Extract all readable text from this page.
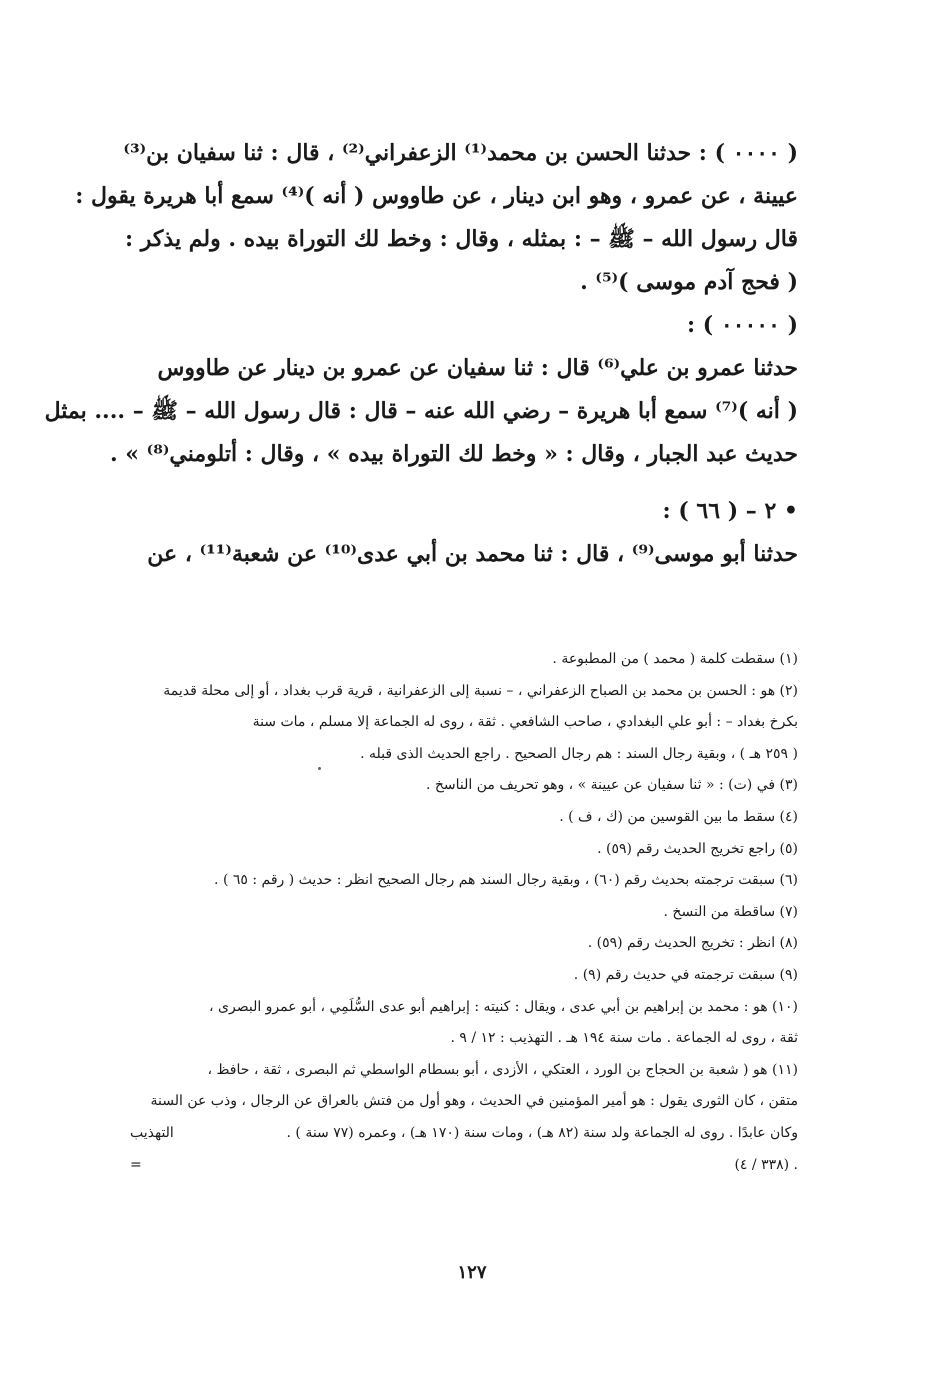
( ٠٠٠٠ ) : حدثنا الحسن بن محمد⁽¹⁾ الزعفراني⁽²⁾ ، قال : ثنا سفيان بن⁽³⁾
عيينة ، عن عمرو ، وهو ابن دينار ، عن طاووس ( أنه )⁽⁴⁾ سمع أبا هريرة يقول :
قال رسول الله – ﷺ – : بمثله ، وقال : وخط لك التوراة بيده . ولم يذكر :
( فحج آدم موسى )⁽⁵⁾ .
( ٠٠٠٠٠ ) :
حدثنا عمرو بن علي⁽⁶⁾ قال : ثنا سفيان عن عمرو بن دينار عن طاووس
( أنه )⁽⁷⁾ سمع أبا هريرة – رضي الله عنه – قال : قال رسول الله – ﷺ – .... بمثل
حديث عبد الجبار ، وقال : « وخط لك التوراة بيده » ، وقال : أتلومني⁽⁸⁾ » .
• ٢ – ( ٦٦ ) :
حدثنا أبو موسى⁽⁹⁾ ، قال : ثنا محمد بن أبي عدى⁽¹⁰⁾ عن شعبة⁽¹¹⁾ ، عن
(١) سقطت كلمة ( محمد ) من المطبوعة .
(٢) هو : الحسن بن محمد بن الصباح الزعفراني ، – نسبة إلى الزعفرانية ، قرية قرب بغداد ، أو إلى محلة قديمة
بكرخ بغداد – : أبو علي البغدادي ، صاحب الشافعي . ثقة ، روى له الجماعة إلا مسلم ، مات سنة
( ٢٥٩ هـ ) ، وبقية رجال السند : هم رجال الصحيح . راجع الحديث الذى قبله .
(٣) في (ت) : « ثنا سفيان عن عيينة » ، وهو تحريف من الناسخ .
(٤) سقط ما بين القوسين من (ك ، ف ) .
(٥) راجع تخريج الحديث رقم (٥٩) .
(٦) سبقت ترجمته بحديث رقم (٦٠) ، وبقية رجال السند هم رجال الصحيح انظر : حديث ( رقم : ٦٥ ) .
(٧) ساقطة من النسخ .
(٨) انظر : تخريج الحديث رقم (٥٩) .
(٩) سبقت ترجمته في حديث رقم (٩) .
(١٠) هو : محمد بن إبراهيم بن أبي عدى ، ويقال : كنيته : إبراهيم أبو عدى السُّلَمِي ، أبو عمرو البصرى ،
ثقة ، روى له الجماعة . مات سنة ١٩٤ هـ . التهذيب : ١٢ / ٩ .
(١١) هو ( شعبة بن الحجاج بن الورد ، العتكي ، الأزدى ، أبو بسطام الواسطي ثم البصرى ، ثقة ، حافظ ،
متقن ، كان الثورى يقول : هو أمير المؤمنين في الحديث ، وهو أول من فتش بالعراق عن الرجال ، وذب عن السنة
وكان عابدًا . روى له الجماعة ولد سنة (٨٢ هـ) ، ومات سنة (١٧٠ هـ) ، وعمره (٧٧ سنة ) .
التهذيب
. (٣٣٨ / ٤)
=
١٢٧
